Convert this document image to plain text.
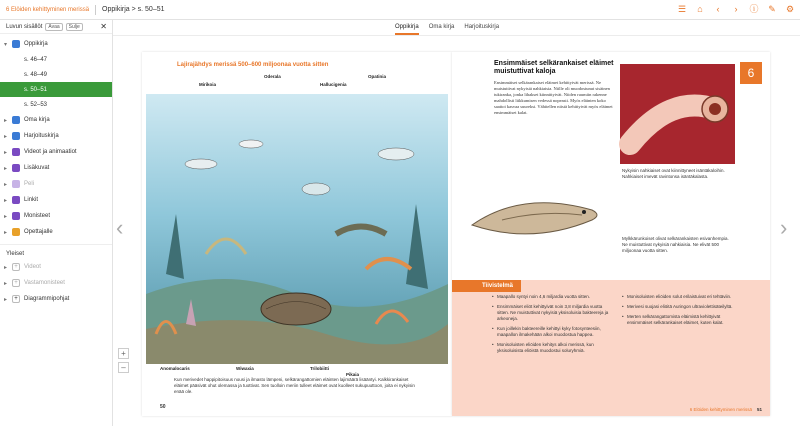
6 Elöiden kehittyminen merissä Oppikirja > s. 50–51	☰	⌂	‹	›	ⓘ ✎ ⚙
Luvun sisällöt	Avaa	Sulje	✕
▾	Oppikirja
s. 46–47
s. 48–49
s. 50–51
s. 52–53
▸	Oma kirja
▸	Harjoituskirja
▸	Videot ja animaatiot
▸	Lisäkuvat
▸	Peli
▸	Linkit
▸	Monisteet
▸	Opettajalle
Yleiset
▸	+	Videot
▸	+	Vastamonisteet
▸	+	Diagrammipohjat
Oppikirja Oma kirja Harjoituskirja
‹	›
Lajirajähdys merissä 500–600 miljoonaa vuotta sitten
Mirikoia
Oderala
Hallucigenia
Opatinia
Anomalocaris	Wiwaxia	Trilobiitti
Pikaia
Kun merivedet happipitoisuus nousi ja ilmasto lämpeni, selkärangattomien eläinten lajimäärä lisääntyi. Kalkkirankaiset eläimet pääsivät ohut olemassa ja tuottivat. Sen tuolloin meriin tulleet eläimet ovat kuolleet sukupuuttoon, joita ei nykyisin enää ole.
50
Ensimmäiset selkärankaiset eläimet muistuttivat kaloja
Ensimmäiset selkärankaiset eläimet kehittyivät merissä. Ne muistuttivat nykyisiä nahkiaisia. Niille oli muodostunut sisäinen tukiranka, jonka lihakset kiinnittyivät. Niiden ruumiin rakenne mahdollisti liikkumisen vedessä nopeasti. Myös eläinten koko saattoi kasvaa suureksi. Vähitellen niistä kehittyivät myös eläimet ensimmäiset kalat.
6
Nykyisin nahkiaiset ovat kiinnittyneet isäntäkaloihin. Nahkiaiset imevät ravintonsa isäntäkalasta.
Mylkkärunkoiset olivat selkärankaisten esivanhempia. Ne muistuttivat nykyisiä nahkiaisia. Ne elivät 500 miljoonaa vuotta sitten.
Tiivistelmä
• Maapallo syntyi noin 4,6 miljardia vuotta sitten.
• Ensimmäiset eliöt kehittyivät noin 3,8 miljardia vuotta sitten. Ne muistuttivat nykyisiä yksisoluisia bakteereja ja arkeoneja.
• Kun joillekin bakteereille kehittyi kyky fotosynteesiin, maapallon ilmakehään alkoi muodostua happea.
• Monisoluisten eliöiden kehitys alkoi merissä, kun yksisoluisista eliöistä muodostui soluryhmiä.
• Monisoluisten eliöiden solut erilaistuivat eri tehtäviin.
• Merivesi suojasi eliöitä Auringon ultraviolettisäteilyltä.
• Merten selkärangattomista eläimistä kehittyivät ensimmäiset selkärankaiset eläimet, kuten kalat.
6 Elöiden kehittyminen merissä 51
+
–
